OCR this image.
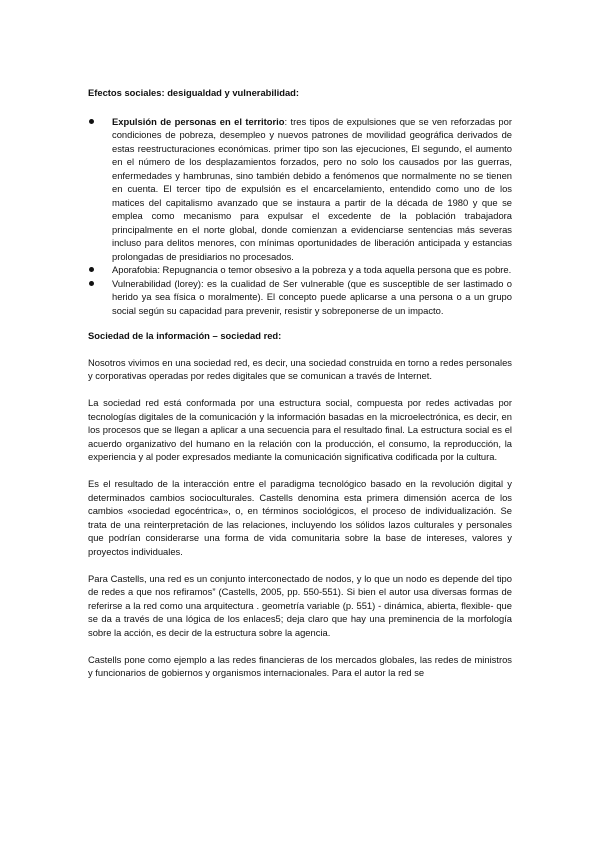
Efectos sociales: desigualdad y vulnerabilidad:

Expulsión de personas en el territorio: tres tipos de expulsiones que se ven reforzadas por condiciones de pobreza, desempleo y nuevos patrones de movilidad geográfica derivados de estas reestructuraciones económicas. primer tipo son las ejecuciones, El segundo, el aumento en el número de los desplazamientos forzados, pero no solo los causados por las guerras, enfermedades y hambrunas, sino también debido a fenómenos que normalmente no se tienen en cuenta. El tercer tipo de expulsión es el encarcelamiento, entendido como uno de los matices del capitalismo avanzado que se instaura a partir de la década de 1980 y que se emplea como mecanismo para expulsar el excedente de la población trabajadora principalmente en el norte global, donde comienzan a evidenciarse sentencias más severas incluso para delitos menores, con mínimas oportunidades de liberación anticipada y estancias prolongadas de presidiarios no procesados.
Aporafobia: Repugnancia o temor obsesivo a la pobreza y a toda aquella persona que es pobre.
Vulnerabilidad (lorey): es la cualidad de Ser vulnerable (que es susceptible de ser lastimado o herido ya sea física o moralmente). El concepto puede aplicarse a una persona o a un grupo social según su capacidad para prevenir, resistir y sobreponerse de un impacto.

Sociedad de la información – sociedad red:

Nosotros vivimos en una sociedad red, es decir, una sociedad construida en torno a redes personales y corporativas operadas por redes digitales que se comunican a través de Internet.

La sociedad red está conformada por una estructura social, compuesta por redes activadas por tecnologías digitales de la comunicación y la información basadas en la microelectrónica, es decir, en los procesos que se llegan a aplicar a una secuencia para el resultado final. La estructura social es el acuerdo organizativo del humano en la relación con la producción, el consumo, la reproducción, la experiencia y al poder expresados mediante la comunicación significativa codificada por la cultura.

Es el resultado de la interacción entre el paradigma tecnológico basado en la revolución digital y determinados cambios socioculturales. Castells denomina esta primera dimensión acerca de los cambios «sociedad egocéntrica», o, en términos sociológicos, el proceso de individualización. Se trata de una reinterpretación de las relaciones, incluyendo los sólidos lazos culturales y personales que podrían considerarse una forma de vida comunitaria sobre la base de intereses, valores y proyectos individuales.

Para Castells, una red es un conjunto interconectado de nodos, y lo que un nodo es depende del tipo de redes a que nos refiramos” (Castells, 2005, pp. 550-551). Si bien el autor usa diversas formas de referirse a la red como una arquitectura . geometría variable (p. 551) - dinámica, abierta, flexible- que se da a través de una lógica de los enlaces5; deja claro que hay una preminencia de la morfología sobre la acción, es decir de la estructura sobre la agencia.

Castells pone como ejemplo a las redes financieras de los mercados globales, las redes de ministros y funcionarios de gobiernos y organismos internacionales. Para el autor la red se
